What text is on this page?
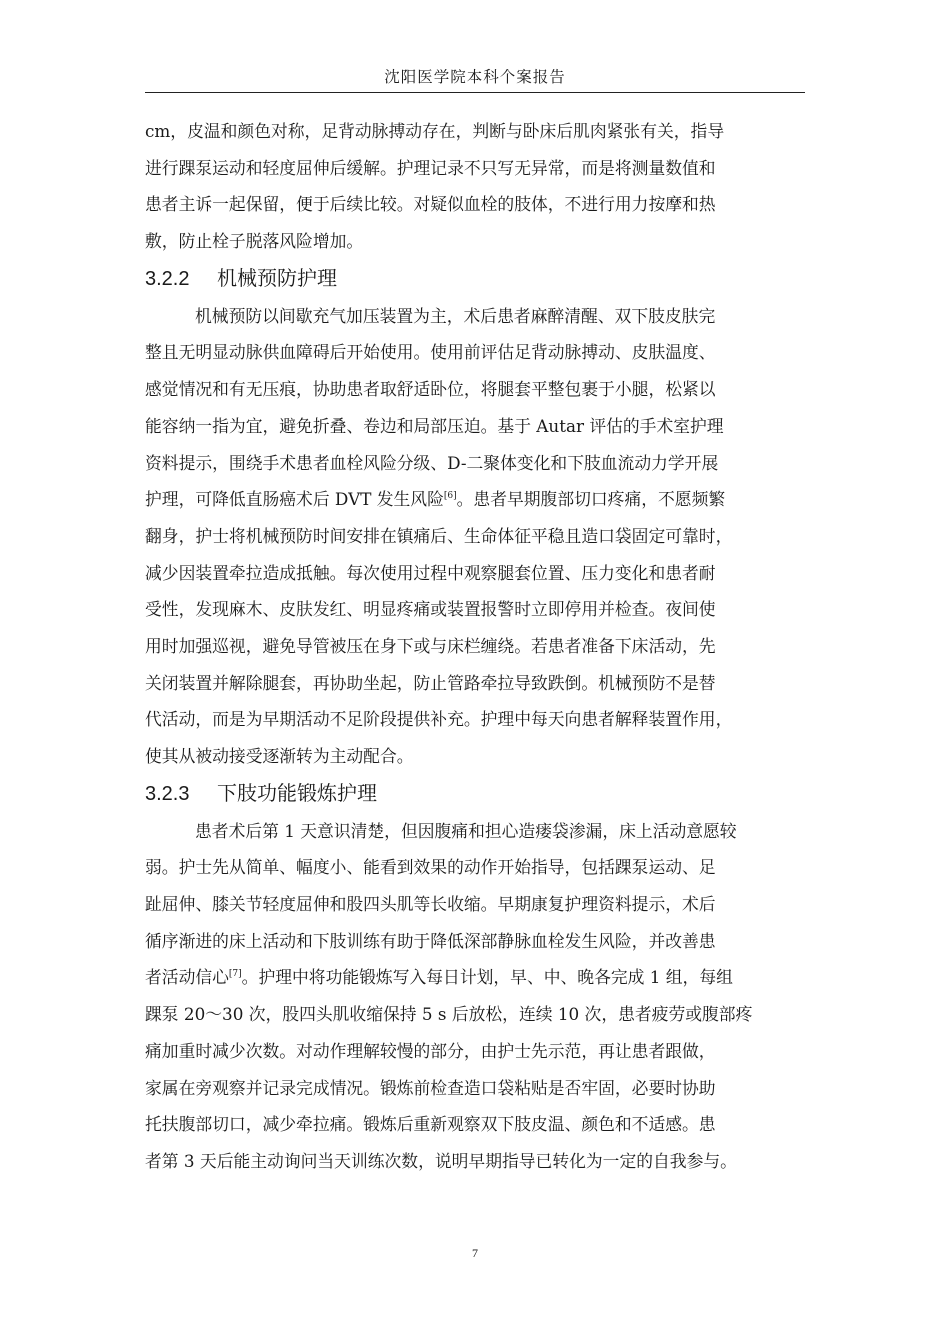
沈阳医学院本科个案报告
cm，皮温和颜色对称，足背动脉搏动存在，判断与卧床后肌肉紧张有关，指导
进行踝泵运动和轻度屈伸后缓解。护理记录不只写无异常，而是将测量数值和
患者主诉一起保留，便于后续比较。对疑似血栓的肢体，不进行用力按摩和热
敷，防止栓子脱落风险增加。
3.2.2 机械预防护理
机械预防以间歇充气加压装置为主，术后患者麻醉清醒、双下肢皮肤完
整且无明显动脉供血障碍后开始使用。使用前评估足背动脉搏动、皮肤温度、
感觉情况和有无压痕，协助患者取舒适卧位，将腿套平整包裹于小腿，松紧以
能容纳一指为宜，避免折叠、卷边和局部压迫。基于 Autar 评估的手术室护理
资料提示，围绕手术患者血栓风险分级、D-二聚体变化和下肢血流动力学开展
护理，可降低直肠癌术后 DVT 发生风险[6]。患者早期腹部切口疼痛，不愿频繁
翻身，护士将机械预防时间安排在镇痛后、生命体征平稳且造口袋固定可靠时，
减少因装置牵拉造成抵触。每次使用过程中观察腿套位置、压力变化和患者耐
受性，发现麻木、皮肤发红、明显疼痛或装置报警时立即停用并检查。夜间使
用时加强巡视，避免导管被压在身下或与床栏缠绕。若患者准备下床活动，先
关闭装置并解除腿套，再协助坐起，防止管路牵拉导致跌倒。机械预防不是替
代活动，而是为早期活动不足阶段提供补充。护理中每天向患者解释装置作用，
使其从被动接受逐渐转为主动配合。
3.2.3 下肢功能锻炼护理
患者术后第 1 天意识清楚，但因腹痛和担心造瘘袋渗漏，床上活动意愿较
弱。护士先从简单、幅度小、能看到效果的动作开始指导，包括踝泵运动、足
趾屈伸、膝关节轻度屈伸和股四头肌等长收缩。早期康复护理资料提示，术后
循序渐进的床上活动和下肢训练有助于降低深部静脉血栓发生风险，并改善患
者活动信心[7]。护理中将功能锻炼写入每日计划，早、中、晚各完成 1 组，每组
踝泵 20～30 次，股四头肌收缩保持 5 s 后放松，连续 10 次，患者疲劳或腹部疼
痛加重时减少次数。对动作理解较慢的部分，由护士先示范，再让患者跟做，
家属在旁观察并记录完成情况。锻炼前检查造口袋粘贴是否牢固，必要时协助
托扶腹部切口，减少牵拉痛。锻炼后重新观察双下肢皮温、颜色和不适感。患
者第 3 天后能主动询问当天训练次数，说明早期指导已转化为一定的自我参与。
7
